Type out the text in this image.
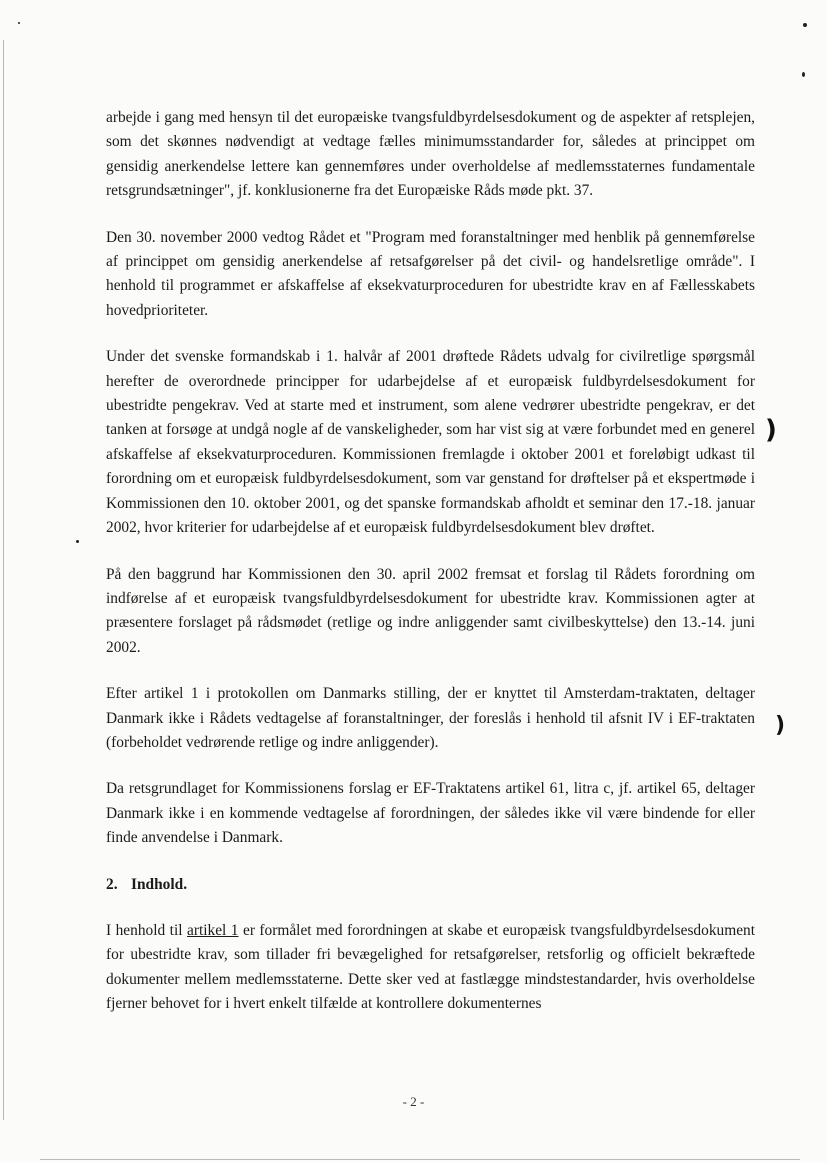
)
)

arbejde i gang med hensyn til det europæiske tvangsfuldbyrdelsesdokument og de aspekter af retsplejen, som det skønnes nødvendigt at vedtage fælles minimumsstandarder for, således at princippet om gensidig anerkendelse lettere kan gennemføres under overholdelse af medlemsstaternes fundamentale retsgrundsætninger", jf. konklusionerne fra det Europæiske Råds møde pkt. 37.

Den 30. november 2000 vedtog Rådet et "Program med foranstaltninger med henblik på gennemførelse af princippet om gensidig anerkendelse af retsafgørelser på det civil- og handelsretlige område". I henhold til programmet er afskaffelse af eksekvaturproceduren for ubestridte krav en af Fællesskabets hovedprioriteter.

Under det svenske formandskab i 1. halvår af 2001 drøftede Rådets udvalg for civilretlige spørgsmål herefter de overordnede principper for udarbejdelse af et europæisk fuldbyrdelsesdokument for ubestridte pengekrav. Ved at starte med et instrument, som alene vedrører ubestridte pengekrav, er det tanken at forsøge at undgå nogle af de vanskeligheder, som har vist sig at være forbundet med en generel afskaffelse af eksekvaturproceduren. Kommissionen fremlagde i oktober 2001 et foreløbigt udkast til forordning om et europæisk fuldbyrdelsesdokument, som var genstand for drøftelser på et ekspertmøde i Kommissionen den 10. oktober 2001, og det spanske formandskab afholdt et seminar den 17.-18. januar 2002, hvor kriterier for udarbejdelse af et europæisk fuldbyrdelsesdokument blev drøftet.

På den baggrund har Kommissionen den 30. april 2002 fremsat et forslag til Rådets forordning om indførelse af et europæisk tvangsfuldbyrdelsesdokument for ubestridte krav. Kommissionen agter at præsentere forslaget på rådsmødet (retlige og indre anliggender samt civilbeskyttelse) den 13.-14. juni 2002.

Efter artikel 1 i protokollen om Danmarks stilling, der er knyttet til Amsterdam-traktaten, deltager Danmark ikke i Rådets vedtagelse af foranstaltninger, der foreslås i henhold til afsnit IV i EF-traktaten (forbeholdet vedrørende retlige og indre anliggender).

Da retsgrundlaget for Kommissionens forslag er EF-Traktatens artikel 61, litra c, jf. artikel 65, deltager Danmark ikke i en kommende vedtagelse af forordningen, der således ikke vil være bindende for eller finde anvendelse i Danmark.

2. Indhold.

I henhold til artikel 1 er formålet med forordningen at skabe et europæisk tvangsfuldbyrdelsesdokument for ubestridte krav, som tillader fri bevægelighed for retsafgørelser, retsforlig og officielt bekræftede dokumenter mellem medlemsstaterne. Dette sker ved at fastlægge mindstestandarder, hvis overholdelse fjerner behovet for i hvert enkelt tilfælde at kontrollere dokumenternes

- 2 -
